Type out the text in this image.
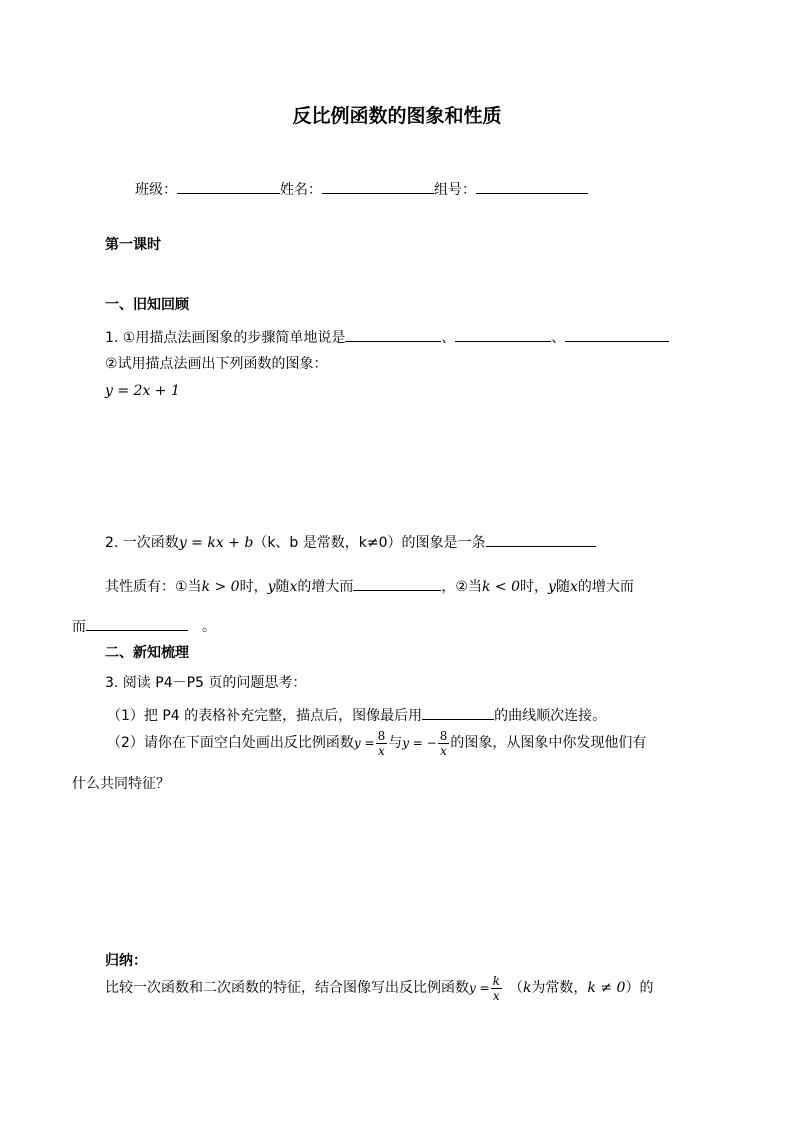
反比例函数的图象和性质
班级：	姓名：	组号：
第一课时
一、旧知回顾
1. ①用描点法画图象的步骤简单地说是	、	、
②试用描点法画出下列函数的图象：
y = 2x + 1
2. 一次函数y = kx + b（k、b 是常数，k≠0）的图象是一条
其性质有：①当k > 0时，y随x的增大而	，②当k < 0时，y随x的增大而
而	。
二、新知梳理
3. 阅读 P4－P5 页的问题思考：
（1）把 P4 的表格补充完整，描点后，图像最后用	的曲线顺次连接。
（2）请你在下面空白处画出反比例函数$y = \frac{8}{x}$ 与y = − $\frac{8}{x}$ 的图象，从图象中你发现他们有
什么共同特征？
归纳：
比较一次函数和二次函数的特征，结合图像写出反比例函数$y = \frac{k}{x} (k$为常数，k ≠ 0）的
